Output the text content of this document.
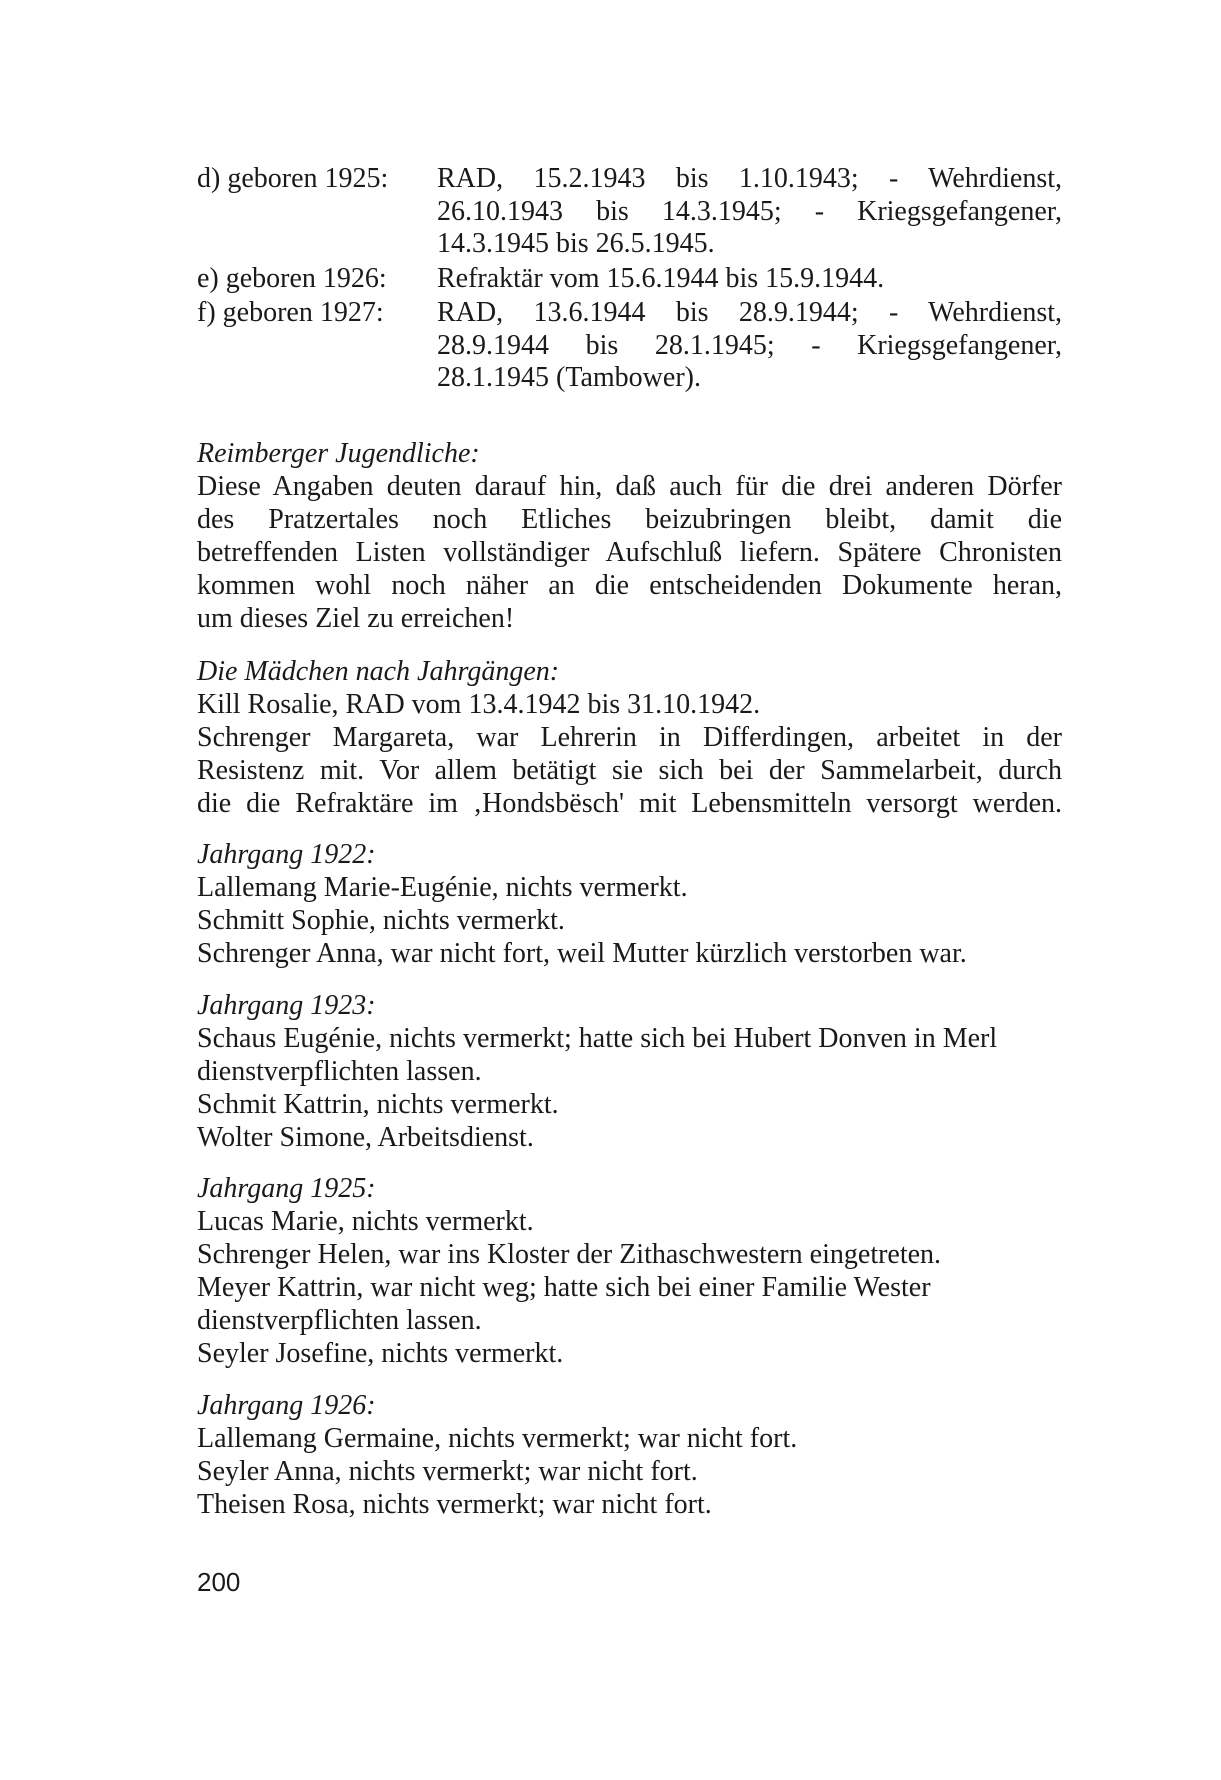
d) geboren 1925:	RAD, 15.2.1943 bis 1.10.1943; - Wehrdienst,
26.10.1943 bis 14.3.1945; - Kriegsgefangener,
14.3.1945 bis 26.5.1945.
e) geboren 1926:	Refraktär vom 15.6.1944 bis 15.9.1944.
f) geboren 1927:	RAD, 13.6.1944 bis 28.9.1944; - Wehrdienst,
28.9.1944 bis 28.1.1945; - Kriegsgefangener,
28.1.1945 (Tambower).
Reimberger Jugendliche:
Diese Angaben deuten darauf hin, daß auch für die drei anderen Dörfer
des Pratzertales noch Etliches beizubringen bleibt, damit die
betreffenden Listen vollständiger Aufschluß liefern. Spätere Chronisten
kommen wohl noch näher an die entscheidenden Dokumente heran,
um dieses Ziel zu erreichen!
Die Mädchen nach Jahrgängen:
Kill Rosalie, RAD vom 13.4.1942 bis 31.10.1942.
Schrenger Margareta, war Lehrerin in Differdingen, arbeitet in der
Resistenz mit. Vor allem betätigt sie sich bei der Sammelarbeit, durch
die die Refraktäre im ‚Hondsbësch' mit Lebensmitteln versorgt werden.
Jahrgang 1922:
Lallemang Marie-Eugénie, nichts vermerkt.
Schmitt Sophie, nichts vermerkt.
Schrenger Anna, war nicht fort, weil Mutter kürzlich verstorben war.
Jahrgang 1923:
Schaus Eugénie, nichts vermerkt; hatte sich bei Hubert Donven in Merl
dienstverpflichten lassen.
Schmit Kattrin, nichts vermerkt.
Wolter Simone, Arbeitsdienst.
Jahrgang 1925:
Lucas Marie, nichts vermerkt.
Schrenger Helen, war ins Kloster der Zithaschwestern eingetreten.
Meyer Kattrin, war nicht weg; hatte sich bei einer Familie Wester
dienstverpflichten lassen.
Seyler Josefine, nichts vermerkt.
Jahrgang 1926:
Lallemang Germaine, nichts vermerkt; war nicht fort.
Seyler Anna, nichts vermerkt; war nicht fort.
Theisen Rosa, nichts vermerkt; war nicht fort.
200
